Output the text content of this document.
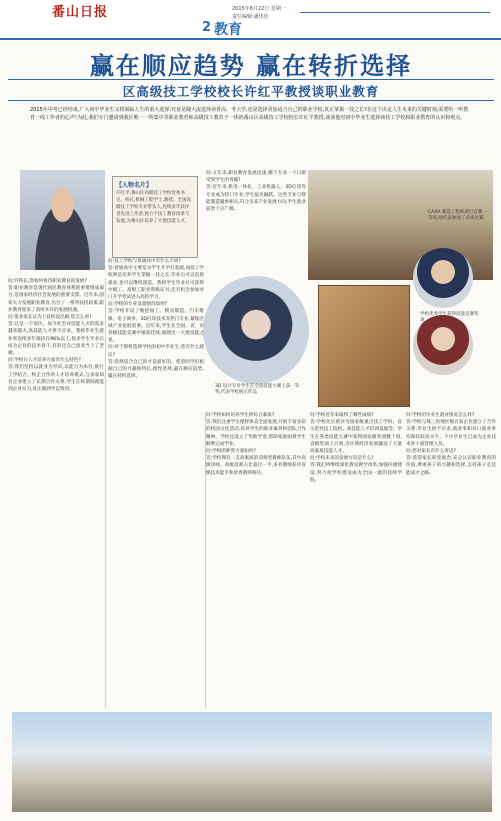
番山日报	2015年8月22日 星期一
责任编辑:潘伐佳
2 教育
赢在顺应趋势 赢在转折选择
区高级技工学校校长许红平教授谈职业教育
2015年中考已经结束,广大初中毕业生又将面临人生的重大选择:究竟是随大流选择读普高、考大学,还是选择更加适合自己的职业学校,真正掌握一技之长?在这个决定人生未来的关键时刻,需要听一听教育一线工作者的心声!为此,我们专门邀请到我区唯一一所集中等职业教育和高级技工教育于一体的番山区高级技工学校校长许红平教授,谈谈他对初中毕业生选择读技工学校和职业教育的认识和观点。
【人物名片】
许红平,番山区高级技工学校党委书记、校长,机械工程学士,教授。全国高级技工学校专业带头人,连续多年获评省先进工作者,致力于技工教育改革与发展,为番山区培养了大批技能人才。
问:五年来,职业教育发展迅速,哪个专业一下日渐受到学生的青睐?
答:近年来,机电一体化、工业机器人、3D打印等专业成为热门专业,学生报名踊跃。这些专业与智能制造紧密相关,符合未来产业发展方向,学生就业前景十分广阔。
CAXA 制造工程师项目竞赛一等奖,师代表参加了多场比赛
学校优秀学生获得技能竞赛奖项
3D 设计专业学生在全国技能大赛上获一等奖,代表学校展示作品
问:许校长,您如何看待职业教育的发展?
答:职业教育是现代国民教育体系的重要组成部分,是国家经济社会发展的重要支撑。近年来,国家大力发展职业教育,出台了一系列扶持政策,职业教育迎来了前所未有的发展机遇。
问:很多家长认为上技校没出路,您怎么看?
答:这是一个误区。如今社会对技能人才的需求越来越大,高技能人才供不应求。我校毕业生就业率连续多年保持在98%以上,很多学生毕业后成为企业的技术骨干,有的还自己创业当上了老板。
问:学校在人才培养方面有什么特色?
答:我们坚持以就业为导向,以能力为本位,推行工学结合、校企合作的人才培养模式,与多家知名企业建立了长期合作关系,学生在校期间就能到企业实习,真正做到学以致用。
问:技工学校与普通高中有什么不同?
答:普通高中主要是为学生升学打基础,而技工学校则是培养学生掌握一技之长,毕业后可以直接就业,也可以继续深造。我校学生毕业后可获得中级工、高级工职业资格证书,还有机会参加对口升学考试进入高校学习。
问:学校的专业设置情况如何?
答:学校开设了数控加工、模具制造、汽车维修、电子商务、3D打印技术等热门专业,紧贴区域产业发展需要。近年来,学生在全国、省、市各级技能竞赛中屡获佳绩,涌现出一大批技能之星。
问:对于即将选择学校的初中毕业生,您有什么建议?
答:选择适合自己的才是最好的。希望同学们根据自己的兴趣和特长,理性选择,赢在顺应趋势,赢在转折选择。
问:学校如何培养学生的综合素质?
答:我们注重学生德智体美全面发展,开展丰富多彩的校园文化活动,培养学生的职业素养和团队合作精神。学校还设立了奖助学金,帮助家庭困难学生顺利完成学业。
问:学校的师资力量如何?
答:学校拥有一支高素质的双师型教师队伍,其中高级讲师、高级技师占比超过一半,多名教师获评省级技术能手和优秀教师称号。
问:学校近年来取得了哪些成绩?
答:学校先后被评为国家级重点技工学校、省示范性技工院校、高技能人才培训基地等。学生在各类技能大赛中获得国家级奖项数十项,省级奖项上百项,为区域经济发展输送了大量高素质技能人才。
问:学校未来的发展方向是什么?
答:我们将继续深化教育教学改革,加强内涵建设,努力把学校建设成为全国一流的技师学院。
问:学校的毕业生就业情况怎么样?
答:学校与珠三角地区数百家企业建立了合作关系,毕业生供不应求,就业率和对口就业率均保持较高水平。不少毕业生已成为企业技术骨干或管理人员。
问:您对家长有什么寄语?
答:希望家长转变观念,充分认识职业教育的价值,尊重孩子的兴趣和选择,支持孩子走技能成才之路。
